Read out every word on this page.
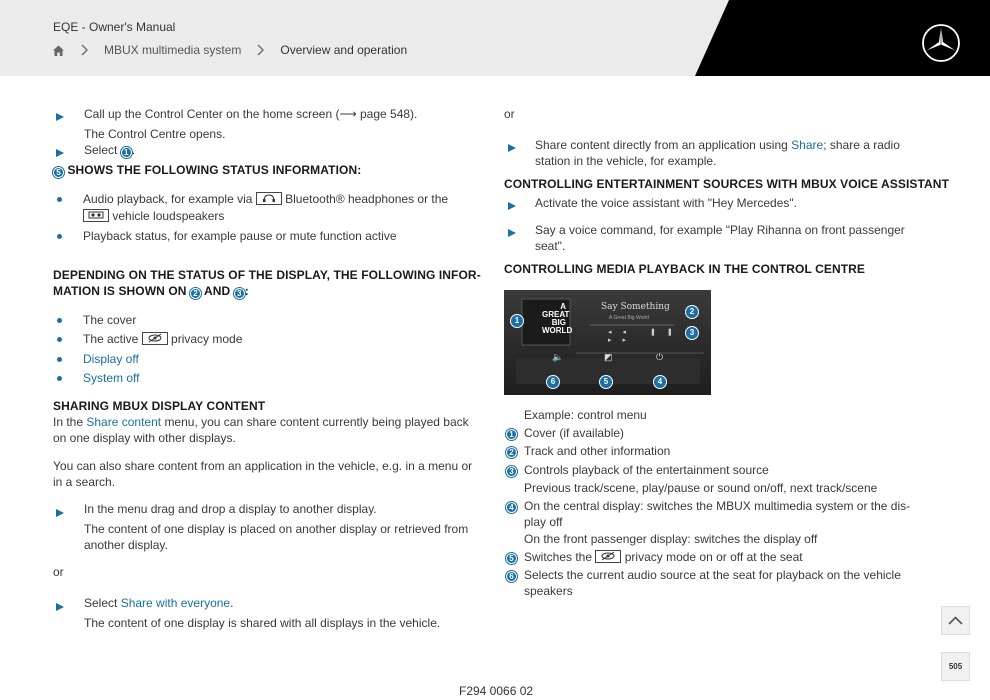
EQE - Owner's Manual
MBUX multimedia system	Overview and operation
Call up the Control Center on the home screen (⟶ page 548).
The Control Centre opens.
Select 1 .
5 SHOWS THE FOLLOWING STATUS INFORMATION:
Audio playback, for example via	Bluetooth® headphones or the
vehicle loudspeakers
Playback status, for example pause or mute function active
DEPENDING ON THE STATUS OF THE DISPLAY, THE FOLLOWING INFOR-
MATION IS SHOWN ON 2 AND 3 :
The cover
The active	privacy mode
Display off
System off
SHARING MBUX DISPLAY CONTENT
In the Share content menu, you can share content currently being played back
on one display with other displays.
You can also share content from an application in the vehicle, e.g. in a menu or
in a search.
In the menu drag and drop a display to another display.
The content of one display is placed on another display or retrieved from
another display.
or
Select Share with everyone.
The content of one display is shared with all displays in the vehicle.
or
Share content directly from an application using Share; share a radio
station in the vehicle, for example.
CONTROLLING ENTERTAINMENT SOURCES WITH MBUX VOICE ASSISTANT
Activate the voice assistant with "Hey Mercedes".
Say a voice command, for example "Play Rihanna on front passenger
seat".
CONTROLLING MEDIA PLAYBACK IN THE CONTROL CENTRE
A
GREAT
BIG
WORLD
Say Something
A Great Big World
◂◂ ❚❚ ▸▸
🔈	◩	⏻
1
2
3
4
5
6
Example: control menu
1 Cover (if available)
2 Track and other information
3 Controls playback of the entertainment source
Previous track/scene, play/pause or sound on/off, next track/scene
4 On the central display: switches the MBUX multimedia system or the dis-
play off
On the front passenger display: switches the display off
5 Switches the	privacy mode on or off at the seat
6 Selects the current audio source at the seat for playback on the vehicle
speakers
505
F294 0066 02
